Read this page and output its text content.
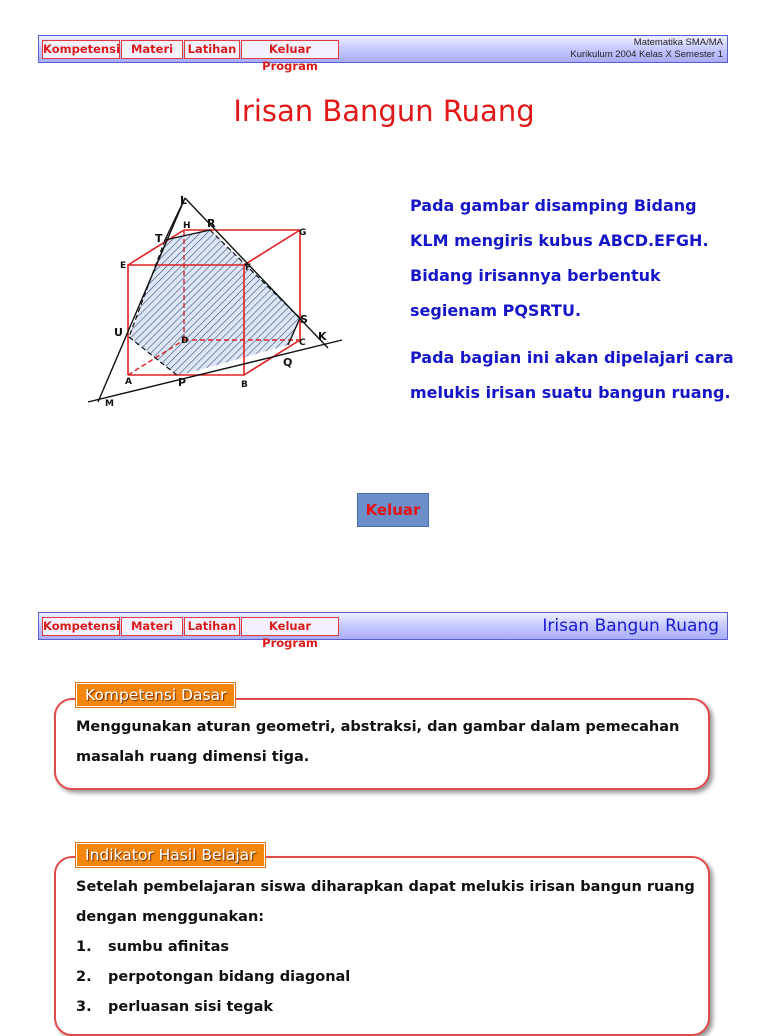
Kompetensi Materi	Latihan	Keluar Program
Matematika SMA/MA
Kurikulum 2004 Kelas X Semester 1
Irisan Bangun Ruang
L
H R
G
T
E	F
S
K
U
D	C
Q
A	P	B
M

Pada gambar disamping Bidang KLM mengiris kubus ABCD.EFGH. Bidang irisannya berbentuk segienam PQSRTU.

Pada bagian ini akan dipelajari cara melukis irisan suatu bangun ruang.

Keluar
Kompetensi Materi	Latihan	Keluar Program
Irisan Bangun Ruang
Kompetensi Dasar
Menggunakan aturan geometri, abstraksi, dan gambar dalam pemecahan masalah ruang dimensi tiga.
Indikator Hasil Belajar
Setelah pembelajaran siswa diharapkan dapat melukis irisan bangun ruang dengan menggunakan:
1.	sumbu afinitas
2.	perpotongan bidang diagonal
3.	perluasan sisi tegak
